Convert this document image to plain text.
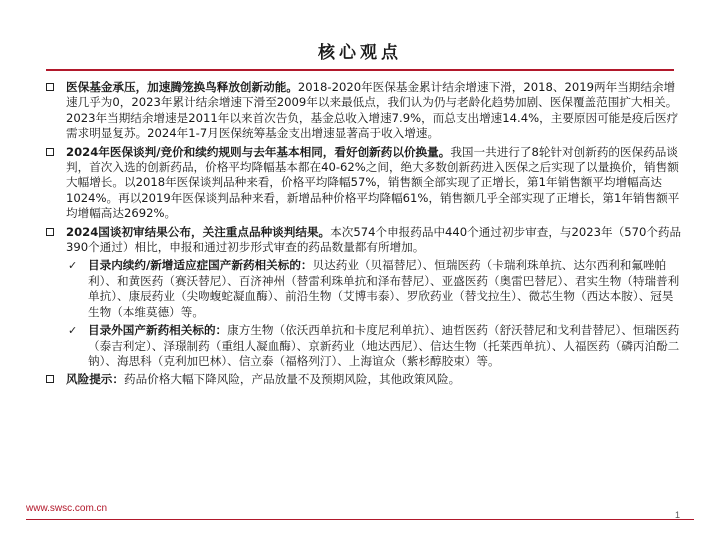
核心观点
医保基金承压，加速腾笼换鸟释放创新动能。2018-2020年医保基金累计结余增速下滑，2018、2019两年当期结余增速几乎为0，2023年累计结余增速下滑至2009年以来最低点，我们认为仍与老龄化趋势加剧、医保覆盖范围扩大相关。2023年当期结余增速是2011年以来首次告负，基金总收入增速7.9%，而总支出增速14.4%，主要原因可能是疫后医疗需求明显复苏。2024年1-7月医保统筹基金支出增速显著高于收入增速。
2024年医保谈判/竞价和续约规则与去年基本相同，看好创新药以价换量。我国一共进行了8轮针对创新药的医保药品谈判，首次入选的创新药品，价格平均降幅基本都在40-62%之间，绝大多数创新药进入医保之后实现了以量换价，销售额大幅增长。以2018年医保谈判品种来看，价格平均降幅57%，销售额全部实现了正增长，第1年销售额平均增幅高达1024%。再以2019年医保谈判品种来看，新增品种价格平均降幅61%，销售额几乎全部实现了正增长，第1年销售额平均增幅高达2692%。
2024国谈初审结果公布，关注重点品种谈判结果。本次574个申报药品中440个通过初步审查，与2023年（570个药品390个通过）相比，申报和通过初步形式审查的药品数量都有所增加。
✓ 目录内续约/新增适应症国产新药相关标的：贝达药业（贝福替尼）、恒瑞医药（卡瑞利珠单抗、达尔西利和氟唑帕利）、和黄医药（赛沃替尼）、百济神州（替雷利珠单抗和泽布替尼）、亚盛医药（奥雷巴替尼）、君实生物（特瑞普利单抗）、康辰药业（尖吻蝮蛇凝血酶）、前沿生物（艾博韦泰）、罗欣药业（替戈拉生）、微芯生物（西达本胺）、冠昊生物（本维莫德）等。
✓ 目录外国产新药相关标的：康方生物（依沃西单抗和卡度尼利单抗）、迪哲医药（舒沃替尼和戈利昔替尼）、恒瑞医药（泰吉利定）、泽璟制药（重组人凝血酶）、京新药业（地达西尼）、信达生物（托莱西单抗）、人福医药（磷丙泊酚二钠）、海思科（克利加巴林）、信立泰（福格列汀）、上海谊众（紫杉醇胶束）等。
风险提示：药品价格大幅下降风险，产品放量不及预期风险，其他政策风险。
www.swsc.com.cn
1
